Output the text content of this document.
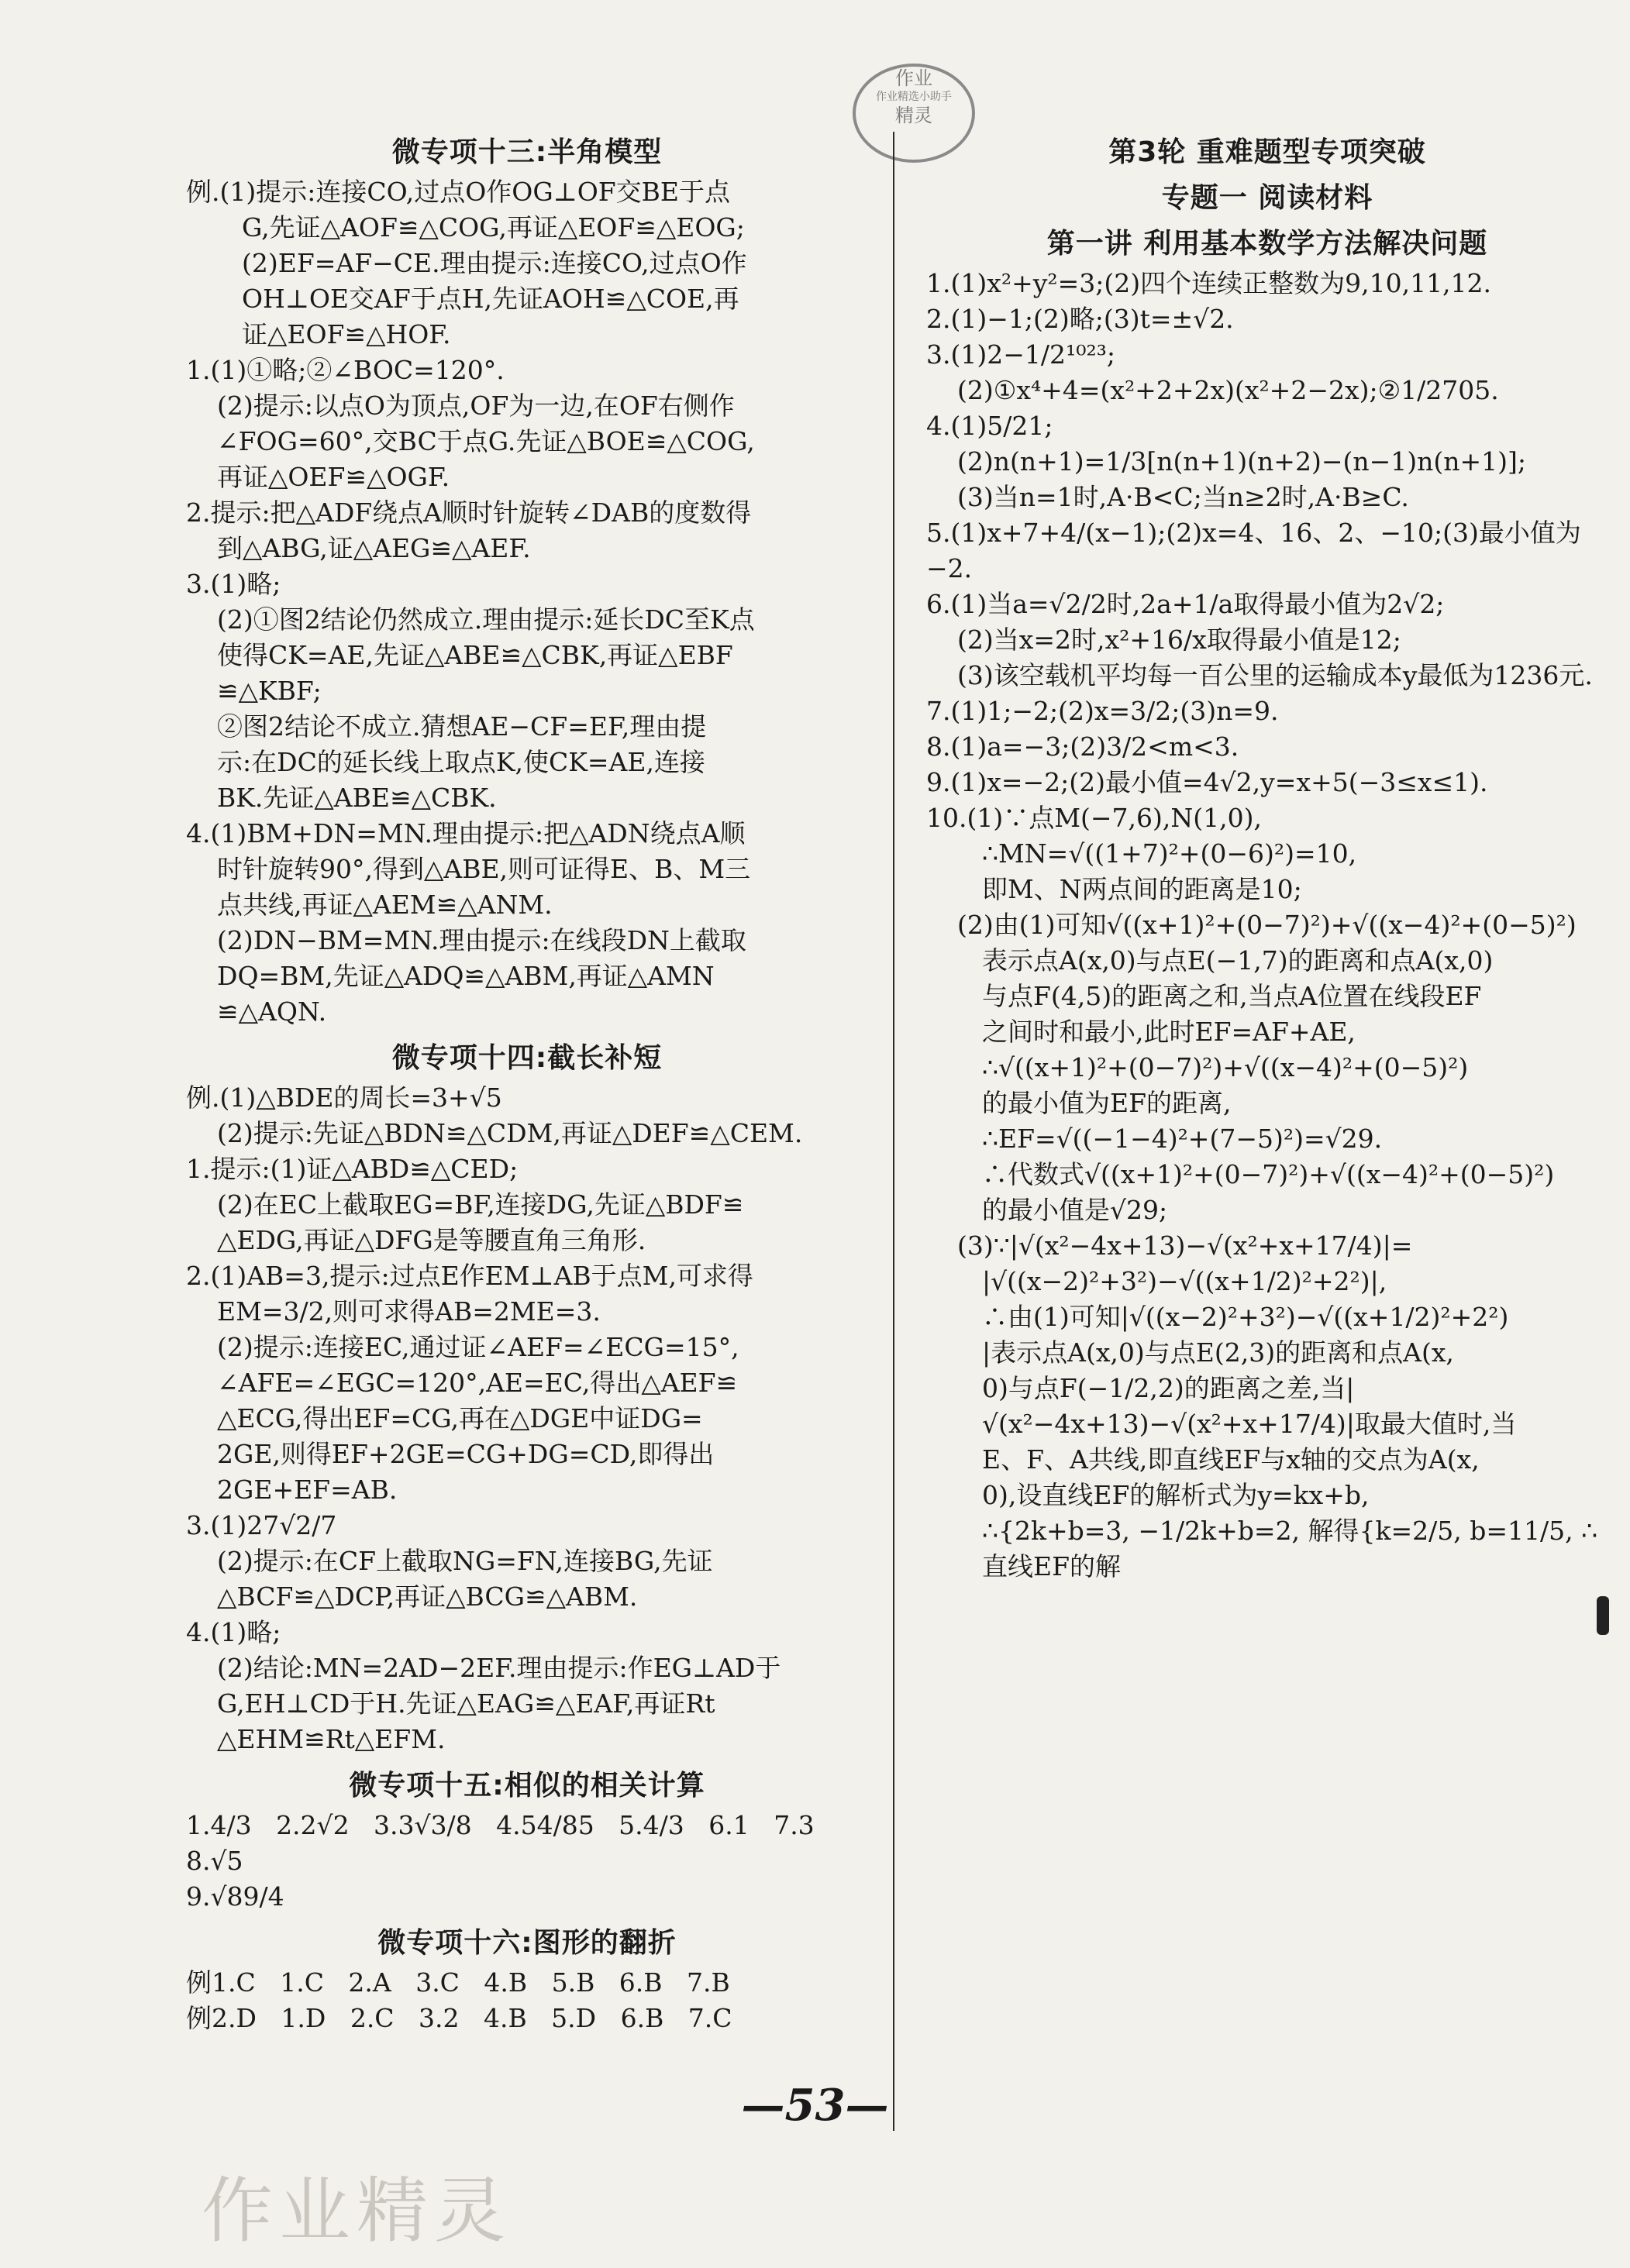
作业
作业精选小助手
精灵
微专项十三:半角模型
例.(1)提示:连接CO,过点O作OG⊥OF交BE于点
G,先证△AOF≌△COG,再证△EOF≌△EOG;
(2)EF=AF−CE.理由提示:连接CO,过点O作
OH⊥OE交AF于点H,先证AOH≌△COE,再
证△EOF≌△HOF.
1.(1)①略;②∠BOC=120°.
(2)提示:以点O为顶点,OF为一边,在OF右侧作
∠FOG=60°,交BC于点G.先证△BOE≌△COG,
再证△OEF≌△OGF.
2.提示:把△ADF绕点A顺时针旋转∠DAB的度数得
到△ABG,证△AEG≌△AEF.
3.(1)略;
(2)①图2结论仍然成立.理由提示:延长DC至K点
使得CK=AE,先证△ABE≌△CBK,再证△EBF
≌△KBF;
②图2结论不成立.猜想AE−CF=EF,理由提
示:在DC的延长线上取点K,使CK=AE,连接
BK.先证△ABE≌△CBK.
4.(1)BM+DN=MN.理由提示:把△ADN绕点A顺
时针旋转90°,得到△ABE,则可证得E、B、M三
点共线,再证△AEM≌△ANM.
(2)DN−BM=MN.理由提示:在线段DN上截取
DQ=BM,先证△ADQ≌△ABM,再证△AMN
≌△AQN.
微专项十四:截长补短
例.(1)△BDE的周长=3+√5
(2)提示:先证△BDN≌△CDM,再证△DEF≌△CEM.
1.提示:(1)证△ABD≌△CED;
(2)在EC上截取EG=BF,连接DG,先证△BDF≌
△EDG,再证△DFG是等腰直角三角形.
2.(1)AB=3,提示:过点E作EM⊥AB于点M,可求得
EM=3/2,则可求得AB=2ME=3.
(2)提示:连接EC,通过证∠AEF=∠ECG=15°,
∠AFE=∠EGC=120°,AE=EC,得出△AEF≌
△ECG,得出EF=CG,再在△DGE中证DG=
2GE,则得EF+2GE=CG+DG=CD,即得出
2GE+EF=AB.
3.(1)27√2/7
(2)提示:在CF上截取NG=FN,连接BG,先证
△BCF≌△DCP,再证△BCG≌△ABM.
4.(1)略;
(2)结论:MN=2AD−2EF.理由提示:作EG⊥AD于
G,EH⊥CD于H.先证△EAG≌△EAF,再证Rt
△EHM≌Rt△EFM.
微专项十五:相似的相关计算
1.4/3   2.2√2   3.3√3/8   4.54/85   5.4/3   6.1   7.3   8.√5
9.√89/4
微专项十六:图形的翻折
例1.C   1.C   2.A   3.C   4.B   5.B   6.B   7.B
例2.D   1.D   2.C   3.2   4.B   5.D   6.B   7.C
第3轮 重难题型专项突破
专题一 阅读材料
第一讲 利用基本数学方法解决问题
1.(1)x²+y²=3;(2)四个连续正整数为9,10,11,12.
2.(1)−1;(2)略;(3)t=±√2.
3.(1)2−1/2¹⁰²³;
(2)①x⁴+4=(x²+2+2x)(x²+2−2x);②1/2705.
4.(1)5/21;
(2)n(n+1)=1/3[n(n+1)(n+2)−(n−1)n(n+1)];
(3)当n=1时,A·B<C;当n≥2时,A·B≥C.
5.(1)x+7+4/(x−1);(2)x=4、16、2、−10;(3)最小值为−2.
6.(1)当a=√2/2时,2a+1/a取得最小值为2√2;
(2)当x=2时,x²+16/x取得最小值是12;
(3)该空载机平均每一百公里的运输成本y最低为1236元.
7.(1)1;−2;(2)x=3/2;(3)n=9.
8.(1)a=−3;(2)3/2<m<3.
9.(1)x=−2;(2)最小值=4√2,y=x+5(−3≤x≤1).
10.(1)∵点M(−7,6),N(1,0),
∴MN=√((1+7)²+(0−6)²)=10,
即M、N两点间的距离是10;
(2)由(1)可知√((x+1)²+(0−7)²)+√((x−4)²+(0−5)²)
表示点A(x,0)与点E(−1,7)的距离和点A(x,0)
与点F(4,5)的距离之和,当点A位置在线段EF
之间时和最小,此时EF=AF+AE,
∴√((x+1)²+(0−7)²)+√((x−4)²+(0−5)²)
的最小值为EF的距离,
∴EF=√((−1−4)²+(7−5)²)=√29.
∴代数式√((x+1)²+(0−7)²)+√((x−4)²+(0−5)²)
的最小值是√29;
(3)∵|√(x²−4x+13)−√(x²+x+17/4)|=
|√((x−2)²+3²)−√((x+1/2)²+2²)|,
∴由(1)可知|√((x−2)²+3²)−√((x+1/2)²+2²)
|表示点A(x,0)与点E(2,3)的距离和点A(x,
0)与点F(−1/2,2)的距离之差,当|
√(x²−4x+13)−√(x²+x+17/4)|取最大值时,当
E、F、A共线,即直线EF与x轴的交点为A(x,
0),设直线EF的解析式为y=kx+b,
∴{2k+b=3, −1/2k+b=2, 解得{k=2/5, b=11/5, ∴直线EF的解
—53—
作业精灵
